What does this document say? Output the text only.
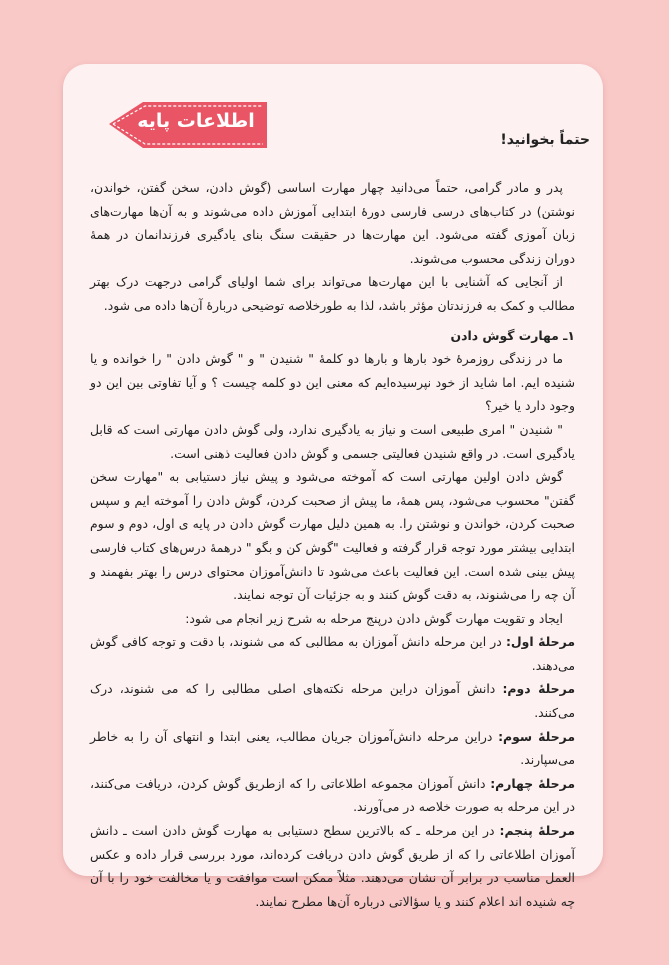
اطلاعات پایه
حتماً بخوانید!

پدر و مادر گرامی، حتماً می‌دانید چهار مهارت اساسی (گوش دادن، سخن گفتن، خواندن، نوشتن) در کتاب‌های درسی فارسی دورهٔ ابتدایی آموزش داده می‌شوند و به آن‌ها مهارت‌های زبان آموزی گفته می‌شود. این مهارت‌ها در حقیقت سنگ بنای یادگیری فرزندانمان در همهٔ دوران زندگی محسوب می‌شوند.

از آنجایی که آشنایی با این مهارت‌ها می‌تواند برای شما اولیای گرامی درجهت درک بهتر مطالب و کمک به فرزندتان مؤثر باشد، لذا به طورخلاصه توضیحی دربارهٔ آن‌ها داده می شود.

۱ـ مهارت گوش دادن

ما در زندگی روزمرهٔ خود بارها و بارها دو کلمهٔ " شنیدن " و " گوش دادن " را خوانده و یا شنیده ایم. اما شاید از خود نپرسیده‌ایم که معنی این دو کلمه چیست ؟ و آیا تفاوتی بین این دو وجود دارد یا خیر؟

" شنیدن " امری طبیعی است و نیاز به یادگیری ندارد، ولی گوش دادن مهارتی است که قابل یادگیری است. در واقع شنیدن فعالیتی جسمی و گوش دادن فعالیت ذهنی است.

گوش دادن اولین مهارتی است که آموخته می‌شود و پیش نیاز دستیابی به "مهارت سخن گفتن" محسوب می‌شود، پس همهٔ، ما پیش از صحبت کردن، گوش دادن را آموخته ایم و سپس صحبت کردن، خواندن و نوشتن را. به همین دلیل مهارت گوش دادن در پایه ی اول، دوم و سوم ابتدایی بیشتر مورد توجه قرار گرفته و فعالیت "گوش کن و بگو " درهمهٔ درس‌های کتاب فارسی پیش بینی شده است. این فعالیت باعث می‌شود تا دانش‌آموزان محتوای درس را بهتر بفهمند و آن چه را می‌شنوند، به دقت گوش کنند و به جزئیات آن توجه نمایند.

ایجاد و تقویت مهارت گوش دادن درپنج مرحله به شرح زیر انجام می شود:

مرحلهٔ اول: در این مرحله دانش آموزان به مطالبی که می شنوند، با دقت و توجه کافی گوش می‌دهند.

مرحلهٔ دوم: دانش آموزان دراین مرحله نکته‌های اصلی مطالبی را که می شنوند، درک می‌کنند.

مرحلهٔ سوم: دراین مرحله دانش‌آموزان جریان مطالب، یعنی ابتدا و انتهای آن را به خاطر می‌سپارند.

مرحلهٔ چهارم: دانش آموزان مجموعه اطلاعاتی را که ازطریق گوش کردن، دریافت می‌کنند، در این مرحله به صورت خلاصه در می‌آورند.

مرحلهٔ پنجم: در این مرحله ـ که بالاترین سطح دستیابی به مهارت گوش دادن است ـ دانش آموزان اطلاعاتی را که از طریق گوش دادن دریافت کرده‌اند، مورد بررسی قرار داده و عکس العمل مناسب در برابر آن نشان می‌دهند. مثلاً ممکن است موافقت و یا مخالفت خود را با آن چه شنیده اند اعلام کنند و یا سؤالاتی درباره آن‌ها مطرح نمایند.
